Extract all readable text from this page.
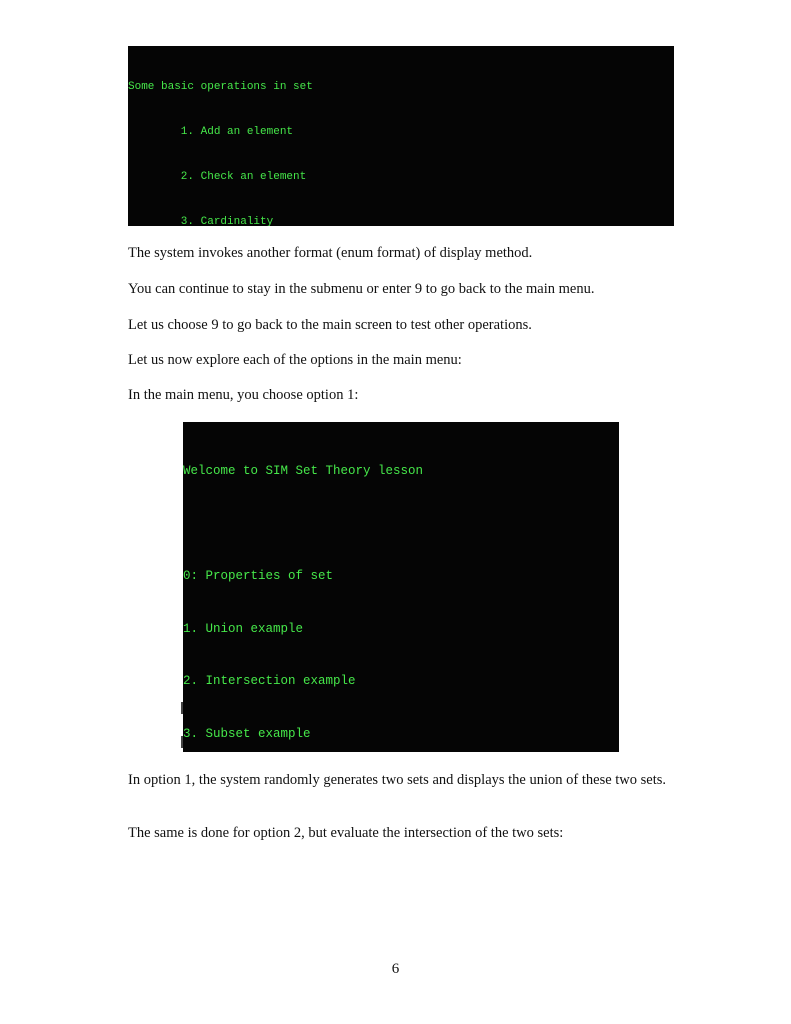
Some basic operations in set

1. Add an element

2. Check an element

3. Cardinality

The system invokes another format (enum format) of display method.

You can continue to stay in the submenu or enter 9 to go back to the main menu.

Let us choose 9 to go back to the main screen to test other operations.

Let us now explore each of the options in the main menu:

In the main menu, you choose option 1:

Welcome to SIM Set Theory lesson

0: Properties of set

1. Union example

2. Intersection example

3. Subset example

In option 1, the system randomly generates two sets and displays the union of these two sets.

The same is done for option 2, but evaluate the intersection of the two sets:

6
